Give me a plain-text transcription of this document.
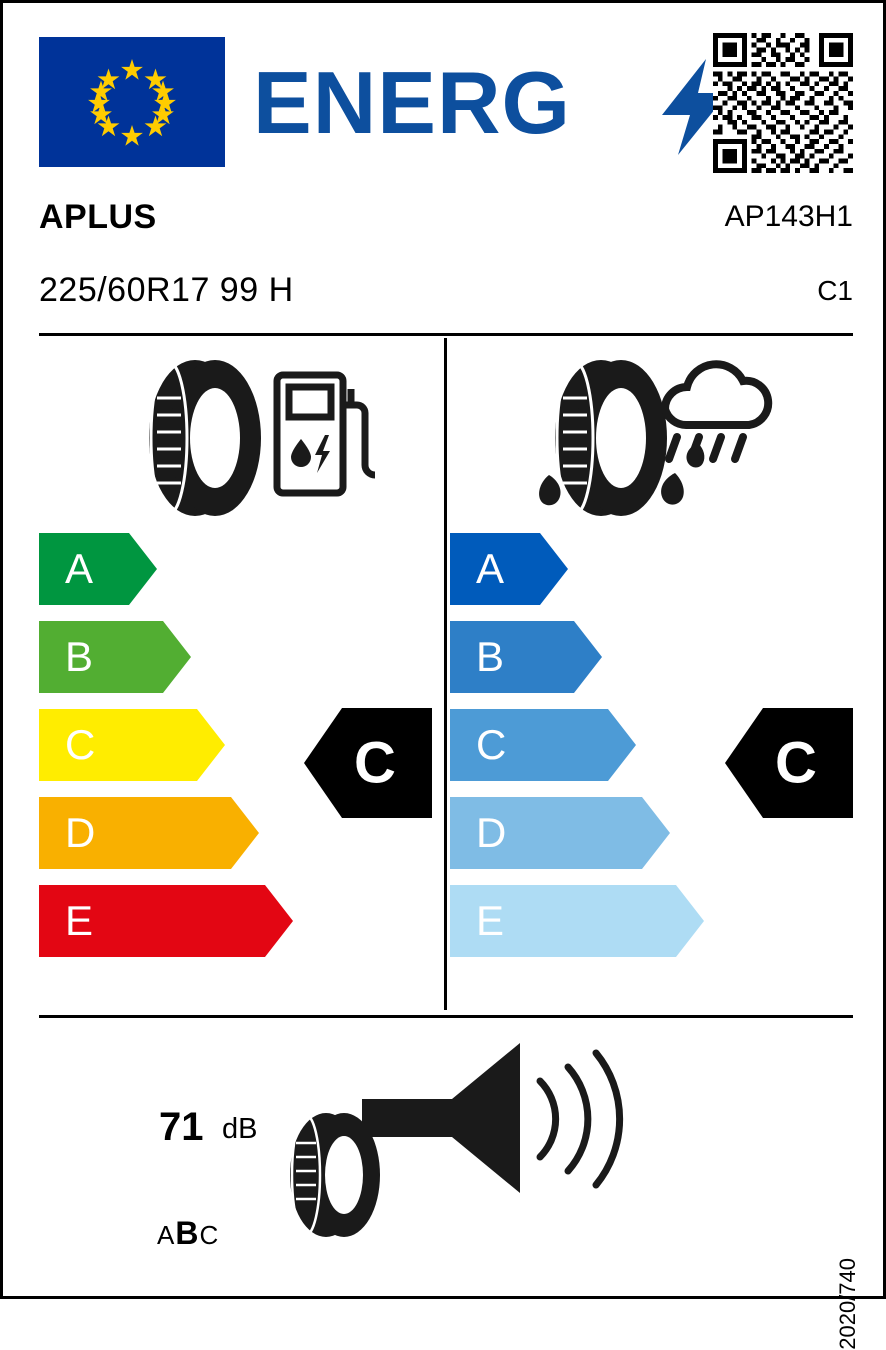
ENERG
APLUS	AP143H1
225/60R17 99 H	C1
A
B
C
D
E
C
A
B
C
D
E
C
71 dB
ABC
2020/740
